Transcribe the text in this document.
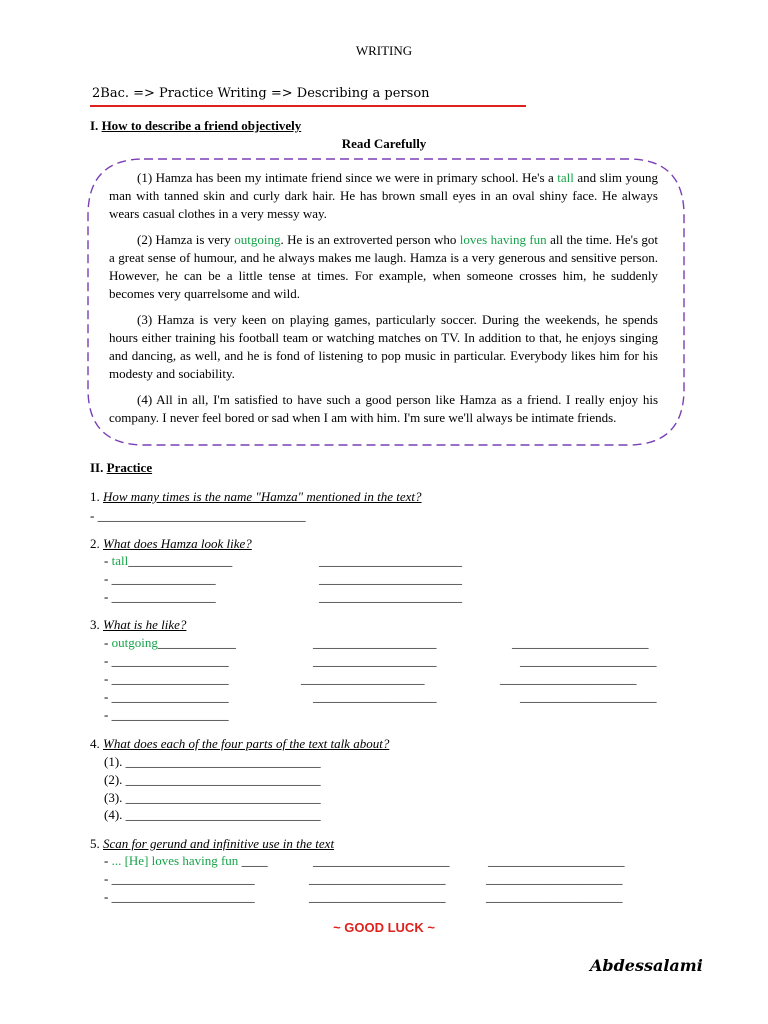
WRITING
2Bac. => Practice Writing => Describing a person
I. How to describe a friend objectively
Read Carefully

(1) Hamza has been my intimate friend since we were in primary school. He's a tall and slim young man with tanned skin and curly dark hair. He has brown small eyes in an oval shiny face. He always wears casual clothes in a very messy way.

(2) Hamza is very outgoing. He is an extroverted person who loves having fun all the time. He's got a great sense of humour, and he always makes me laugh. Hamza is a very generous and sensitive person. However, he can be a little tense at times. For example, when someone crosses him, he suddenly becomes very quarrelsome and wild.

(3) Hamza is very keen on playing games, particularly soccer. During the weekends, he spends hours either training his football team or watching matches on TV. In addition to that, he enjoys singing and dancing, as well, and he is fond of listening to pop music in particular. Everybody likes him for his modesty and sociability.

(4) All in all, I'm satisfied to have such a good person like Hamza as a friend. I really enjoy his company. I never feel bored or sad when I am with him. I'm sure we'll always be intimate friends.

II. Practice
1. How many times is the name "Hamza" mentioned in the text?
- ________________________________
2. What does Hamza look like?
- tall________________	______________________
- ________________	______________________
- ________________	______________________
3. What is he like?
- outgoing____________	___________________	_____________________
- __________________	___________________	_____________________
- __________________	___________________	_____________________
- __________________	___________________	_____________________
- __________________
4. What does each of the four parts of the text talk about?
(1). ______________________________
(2). ______________________________
(3). ______________________________
(4). ______________________________
5. Scan for gerund and infinitive use in the text
- ... [He] loves having fun ____	_____________________	_____________________
- ______________________	_____________________	_____________________
- ______________________	_____________________	_____________________
~ GOOD LUCK ~
Abdessalami
